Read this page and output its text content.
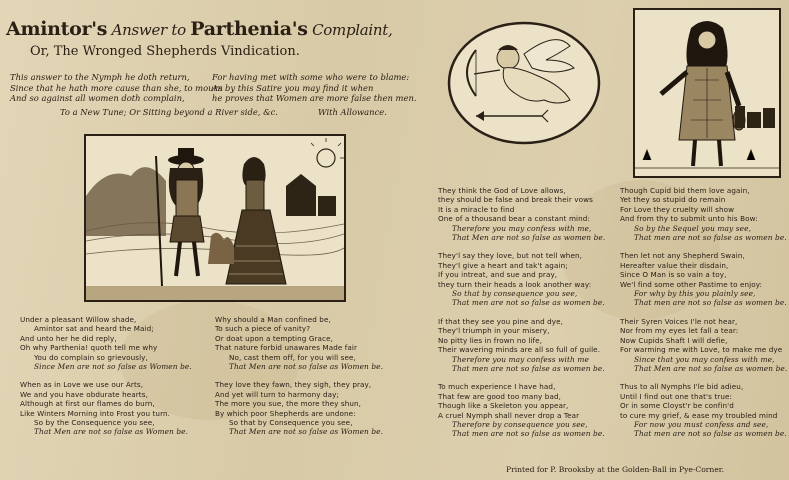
Amintor's Answer to Parthenia's Complaint,
Or, The Wronged Shepherds Vindication.
This answer to the Nymph he doth return,
Since that he hath more cause than she, to mourn
And so against all women doth complain,
For having met with some who were to blame:
As by this Satire you may find it when
he proves that Women are more false then men.
To a New Tune; Or Sitting beyond a River side, &c.	With Allowance.
Under a pleasant Willow shade,
Amintor sat and heard the Maid;
And unto her he did reply,
Oh why Parthenia! quoth tell me why
You do complain so grievously,
Since Men are not so false as Women be.
When as in Love we use our Arts,
We and you have obdurate hearts,
Although at first our flames do burn,
Like Winters Morning into Frost you turn.
So by the Consequence you see,
That Men are not so false as Women be.
Why should a Man confined be,
To such a piece of vanity?
Or doat upon a tempting Grace,
That nature forbid unawares Made fair
No, cast them off, for you will see,
That Men are not so false as Women be.
They love they fawn, they sigh, they pray,
And yet will turn to harmony day;
The more you sue, the more they shun,
By which poor Shepherds are undone:
So that by Consequence you see,
That Men are not so false as Women be.
They think the God of Love allows,
they should be false and break their vows
It is a miracle to find
One of a thousand bear a constant mind:
Therefore you may confess with me,
That Men are not so false as women be.
They'l say they love, but not tell when,
They'l give a heart and tak't again;
If you intreat, and sue and pray,
they turn their heads a look another way:
So that by consequence you see,
That men are not so false as women be.
If that they see you pine and dye,
They'l triumph in your misery,
No pitty lies in frown no life,
Their wavering minds are all so full of guile.
Therefore you may confess with me
That men are not so false as women be.
To much experience I have had,
That few are good too many bad,
Though like a Skeleton you appear,
A cruel Nymph shall never drop a Tear
Therefore by consequence you see,
That men are not so false as women be.
Though Cupid bid them love again,
Yet they so stupid do remain
For Love they cruelty will show
And from thy to submit unto his Bow:
So by the Sequel you may see,
That men are not so false as women be.
Then let not any Shepherd Swain,
Hereafter value their disdain,
Since O Man is so vain a toy,
We'l find some other Pastime to enjoy:
For why by this you plainly see,
That men are not so false as women be.
Their Syren Voices I'le not hear,
Nor from my eyes let fall a tear:
Now Cupids Shaft I will defie,
For warming me with Love, to make me dye
Since that you may confess with me,
That Men are not so false as women be.
Thus to all Nymphs I'le bid adieu,
Until I find out one that's true:
Or in some Cloyst'r be confin'd
to cure my grief, & ease my troubled mind
For now you must confess and see,
That men are not so false as women be.
Printed for P. Brooksby at the Golden-Ball in Pye-Corner.
